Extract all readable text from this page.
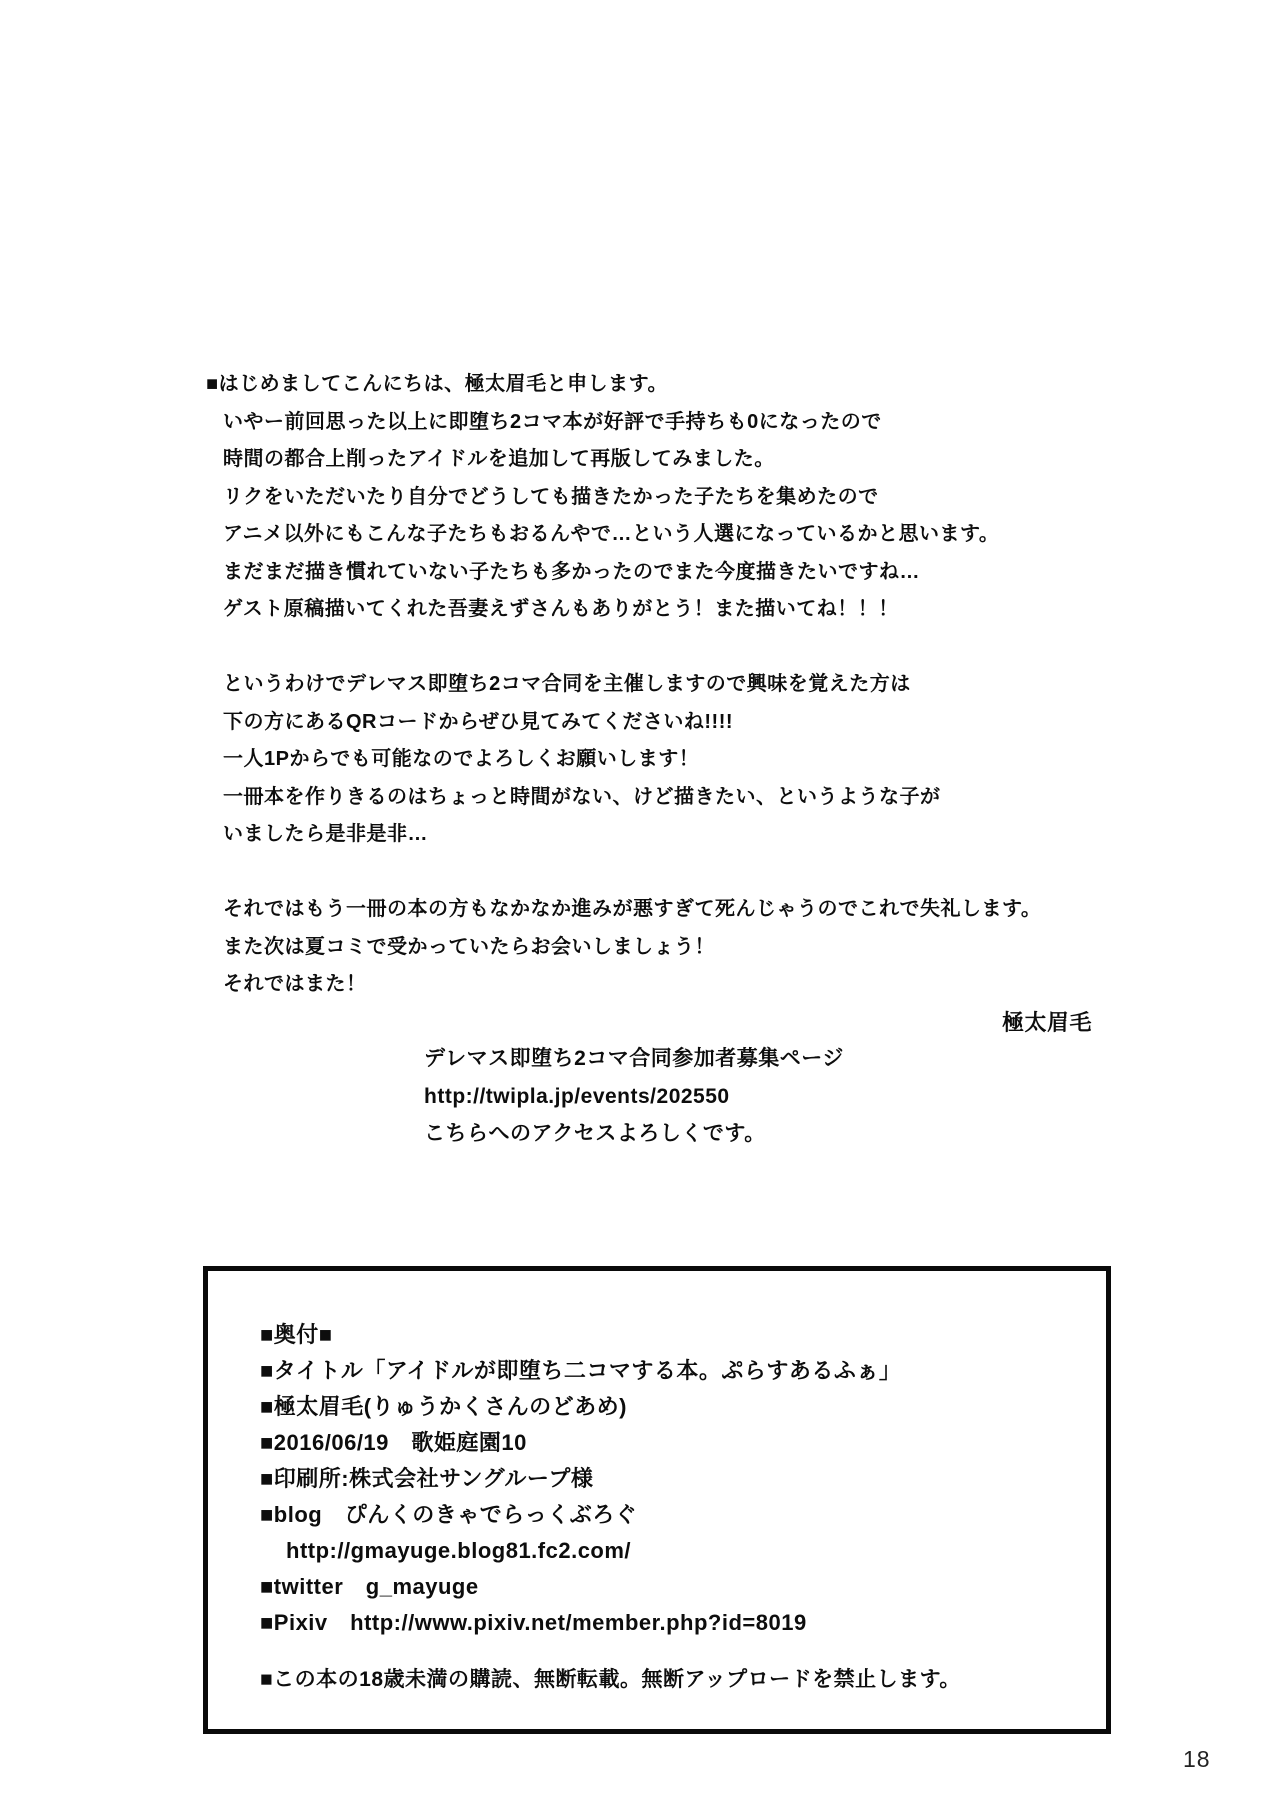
■はじめましてこんにちは、極太眉毛と申します。
いやー前回思った以上に即堕ち2コマ本が好評で手持ちも0になったので
時間の都合上削ったアイドルを追加して再版してみました。
リクをいただいたり自分でどうしても描きたかった子たちを集めたので
アニメ以外にもこんな子たちもおるんやで…という人選になっているかと思います。
まだまだ描き慣れていない子たちも多かったのでまた今度描きたいですね…
ゲスト原稿描いてくれた吾妻えずさんもありがとう！また描いてね！！！
というわけでデレマス即堕ち2コマ合同を主催しますので興味を覚えた方は
下の方にあるQRコードからぜひ見てみてくださいね!!!!
一人1Pからでも可能なのでよろしくお願いします！
一冊本を作りきるのはちょっと時間がない、けど描きたい、というような子が
いましたら是非是非…
それではもう一冊の本の方もなかなか進みが悪すぎて死んじゃうのでこれで失礼します。
また次は夏コミで受かっていたらお会いしましょう！
それではまた！
極太眉毛
デレマス即堕ち2コマ合同参加者募集ページ
http://twipla.jp/events/202550
こちらへのアクセスよろしくです。
■奥付■
■タイトル「アイドルが即堕ち二コマする本。ぷらすあるふぁ」
■極太眉毛(りゅうかくさんのどあめ)
■2016/06/19　歌姫庭園10
■印刷所:株式会社サングループ様
■blog　ぴんくのきゃでらっくぶろぐ
http://gmayuge.blog81.fc2.com/
■twitter　g_mayuge
■Pixiv　http://www.pixiv.net/member.php?id=8019
■この本の18歳未満の購読、無断転載。無断アップロードを禁止します。
18
